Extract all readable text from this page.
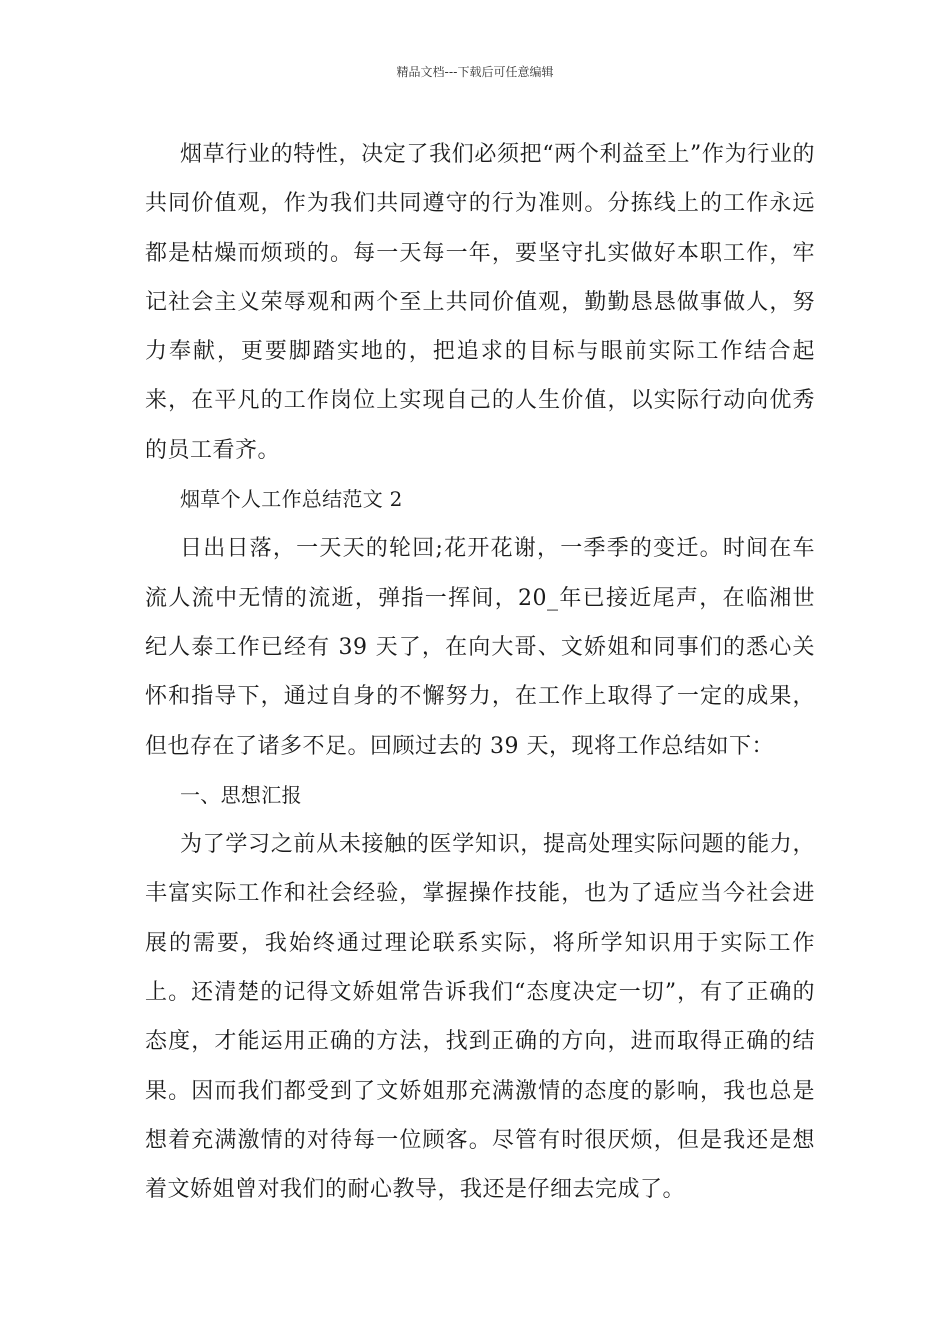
精品文档---下载后可任意编辑

烟草行业的特性，决定了我们必须把“两个利益至上”作为行业的共同价值观，作为我们共同遵守的行为准则。分拣线上的工作永远都是枯燥而烦琐的。每一天每一年，要坚守扎实做好本职工作，牢记社会主义荣辱观和两个至上共同价值观，勤勤恳恳做事做人，努力奉献，更要脚踏实地的，把追求的目标与眼前实际工作结合起来，在平凡的工作岗位上实现自己的人生价值，以实际行动向优秀的员工看齐。

烟草个人工作总结范文 2

日出日落，一天天的轮回;花开花谢，一季季的变迁。时间在车流人流中无情的流逝，弹指一挥间，20_年已接近尾声，在临湘世纪人泰工作已经有 39 天了，在向大哥、文娇姐和同事们的悉心关怀和指导下，通过自身的不懈努力，在工作上取得了一定的成果，但也存在了诸多不足。回顾过去的 39 天，现将工作总结如下：

一、思想汇报

为了学习之前从未接触的医学知识，提高处理实际问题的能力，丰富实际工作和社会经验，掌握操作技能，也为了适应当今社会进展的需要，我始终通过理论联系实际，将所学知识用于实际工作上。还清楚的记得文娇姐常告诉我们“态度决定一切”，有了正确的态度，才能运用正确的方法，找到正确的方向，进而取得正确的结果。因而我们都受到了文娇姐那充满激情的态度的影响，我也总是想着充满激情的对待每一位顾客。尽管有时很厌烦，但是我还是想着文娇姐曾对我们的耐心教导，我还是仔细去完成了。
